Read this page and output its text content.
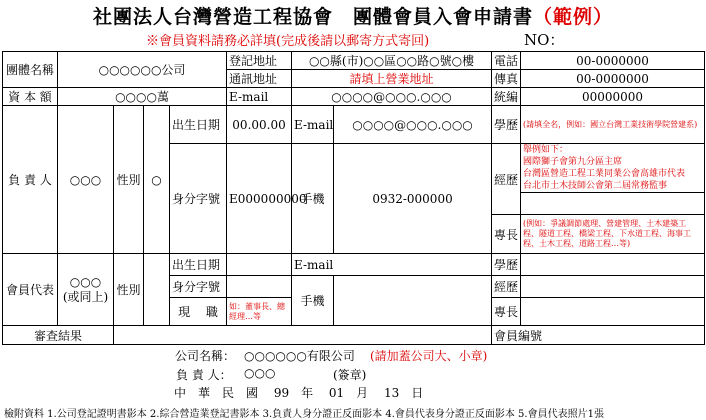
社團法人台灣營造工程協會　團體會員入會申請書（範例）
※會員資料請務必詳填(完成後請以郵寄方式寄回)	NO：
團體名稱	○○○○○○公司				登記地址	○○縣(市)○○區○○路○號○樓		電話	00-0000000
					通訊地址	請填上營業地址		傳真	00-0000000
資 本 額	○○○○萬				E-mail	○○○○@○○○.○○○		統編	00000000
負 責 人	○○○	性別	○	出生日期	00.00.00	E-mail	○○○○@○○○.○○○	學歷	(請填全名，例如：國立台灣工業技術學院營建系)
				身分字號	E000000000	手機	0932-000000	經歷	舉例如下：
國際獅子會第九分區主席
台灣區營造工程工業同業公會高雄市代表
台北市土木技師公會第二屆常務監事

								專長	(例如：爭議調節處理、營建管理、土木建築工程、隧道工程、橋梁工程、下水道工程、海事工程、土木工程、道路工程…等)
會員代表	○○○
(或同上)	性別		出生日期		E-mail		學歷	
				身分字號		手機		經歷	
				現　 職	如：董事長、總經理…等			專長	
審查結果								會員編號	
公司名稱： ○○○○○○有限公司 (請加蓋公司大、小章)
負 責 人： ○○○	(簽章)
中　華　民　國　 99　年　 01　月　 13　日
檢附資料 1.公司登記證明書影本 2.綜合營造業登記書影本 3.負責人身分證正反面影本 4.會員代表身分證正反面影本 5.會員代表照片1張
